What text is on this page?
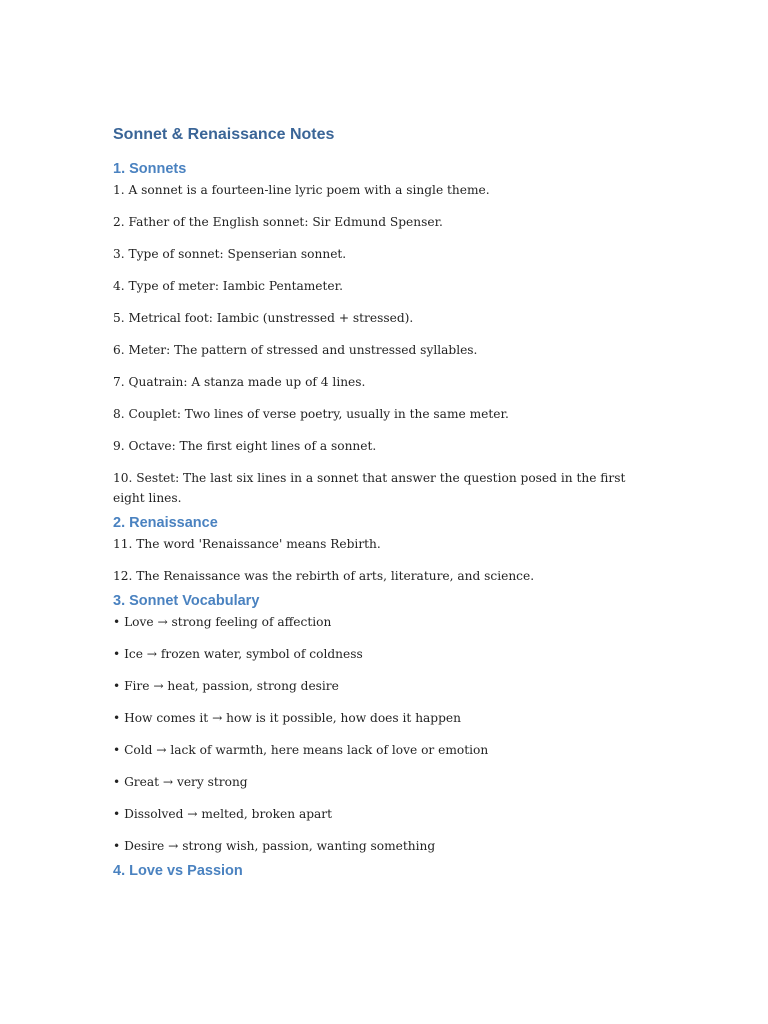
Sonnet & Renaissance Notes
1. Sonnets

1. A sonnet is a fourteen-line lyric poem with a single theme.

2. Father of the English sonnet: Sir Edmund Spenser.

3. Type of sonnet: Spenserian sonnet.

4. Type of meter: Iambic Pentameter.

5. Metrical foot: Iambic (unstressed + stressed).

6. Meter: The pattern of stressed and unstressed syllables.

7. Quatrain: A stanza made up of 4 lines.

8. Couplet: Two lines of verse poetry, usually in the same meter.

9. Octave: The first eight lines of a sonnet.

10. Sestet: The last six lines in a sonnet that answer the question posed in the first eight lines.

2. Renaissance

11. The word 'Renaissance' means Rebirth.

12. The Renaissance was the rebirth of arts, literature, and science.

3. Sonnet Vocabulary

• Love → strong feeling of affection

• Ice → frozen water, symbol of coldness

• Fire → heat, passion, strong desire

• How comes it → how is it possible, how does it happen

• Cold → lack of warmth, here means lack of love or emotion

• Great → very strong

• Dissolved → melted, broken apart

• Desire → strong wish, passion, wanting something

4. Love vs Passion
